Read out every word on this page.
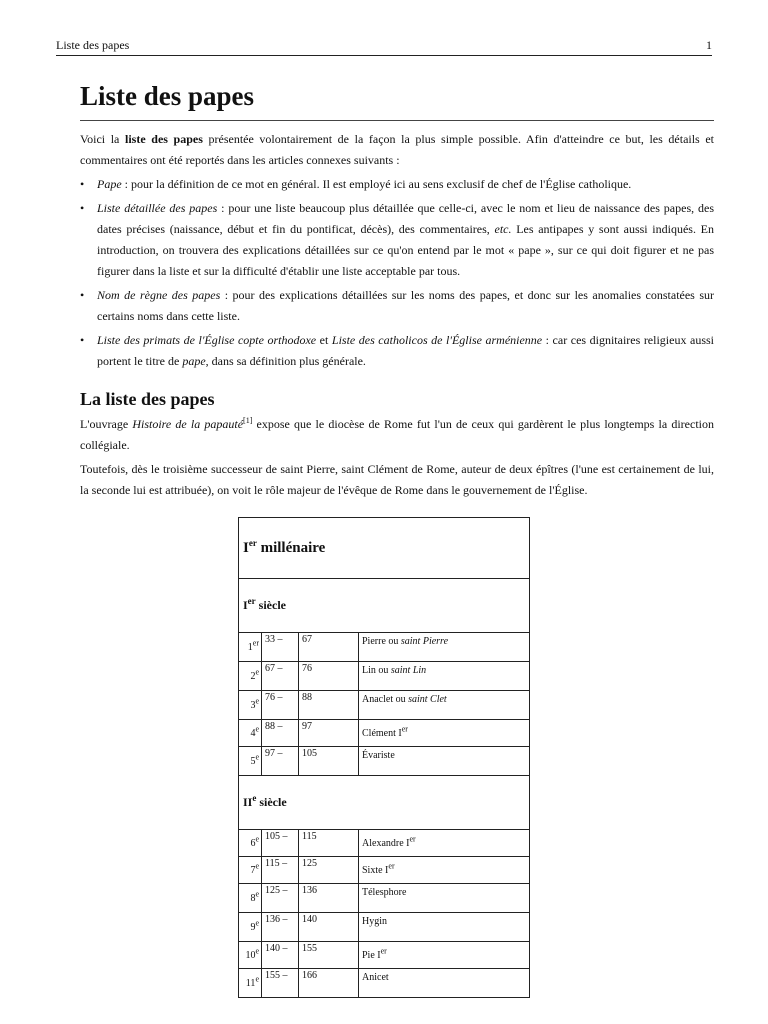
Liste des papes	1
Liste des papes

Voici la liste des papes présentée volontairement de la façon la plus simple possible. Afin d'atteindre ce but, les détails et commentaires ont été reportés dans les articles connexes suivants :

• Pape : pour la définition de ce mot en général. Il est employé ici au sens exclusif de chef de l'Église catholique.
• Liste détaillée des papes : pour une liste beaucoup plus détaillée que celle-ci, avec le nom et lieu de naissance des papes, des dates précises (naissance, début et fin du pontificat, décès), des commentaires, etc. Les antipapes y sont aussi indiqués. En introduction, on trouvera des explications détaillées sur ce qu'on entend par le mot « pape », sur ce qui doit figurer et ne pas figurer dans la liste et sur la difficulté d'établir une liste acceptable par tous.
• Nom de règne des papes : pour des explications détaillées sur les noms des papes, et donc sur les anomalies constatées sur certains noms dans cette liste.
• Liste des primats de l'Église copte orthodoxe et Liste des catholicos de l'Église arménienne : car ces dignitaires religieux aussi portent le titre de pape, dans sa définition plus générale.
La liste des papes

L'ouvrage Histoire de la papauté[1] expose que le diocèse de Rome fut l'un de ceux qui gardèrent le plus longtemps la direction collégiale.

Toutefois, dès le troisième successeur de saint Pierre, saint Clément de Rome, auteur de deux épîtres (l'une est certainement de lui, la seconde lui est attribuée), on voit le rôle majeur de l'évêque de Rome dans le gouvernement de l'Église.

Ier millénaire			
Ier siècle			
1er	33 –	67	Pierre ou saint Pierre
2e	67 –	76	Lin ou saint Lin
3e	76 –	88	Anaclet ou saint Clet
4e	88 –	97	Clément Ier
5e	97 –	105	Évariste
IIe siècle			
6e	105 –	115	Alexandre Ier
7e	115 –	125	Sixte Ier
8e	125 –	136	Télesphore
9e	136 –	140	Hygin
10e	140 –	155	Pie Ier
11e	155 –	166	Anicet
